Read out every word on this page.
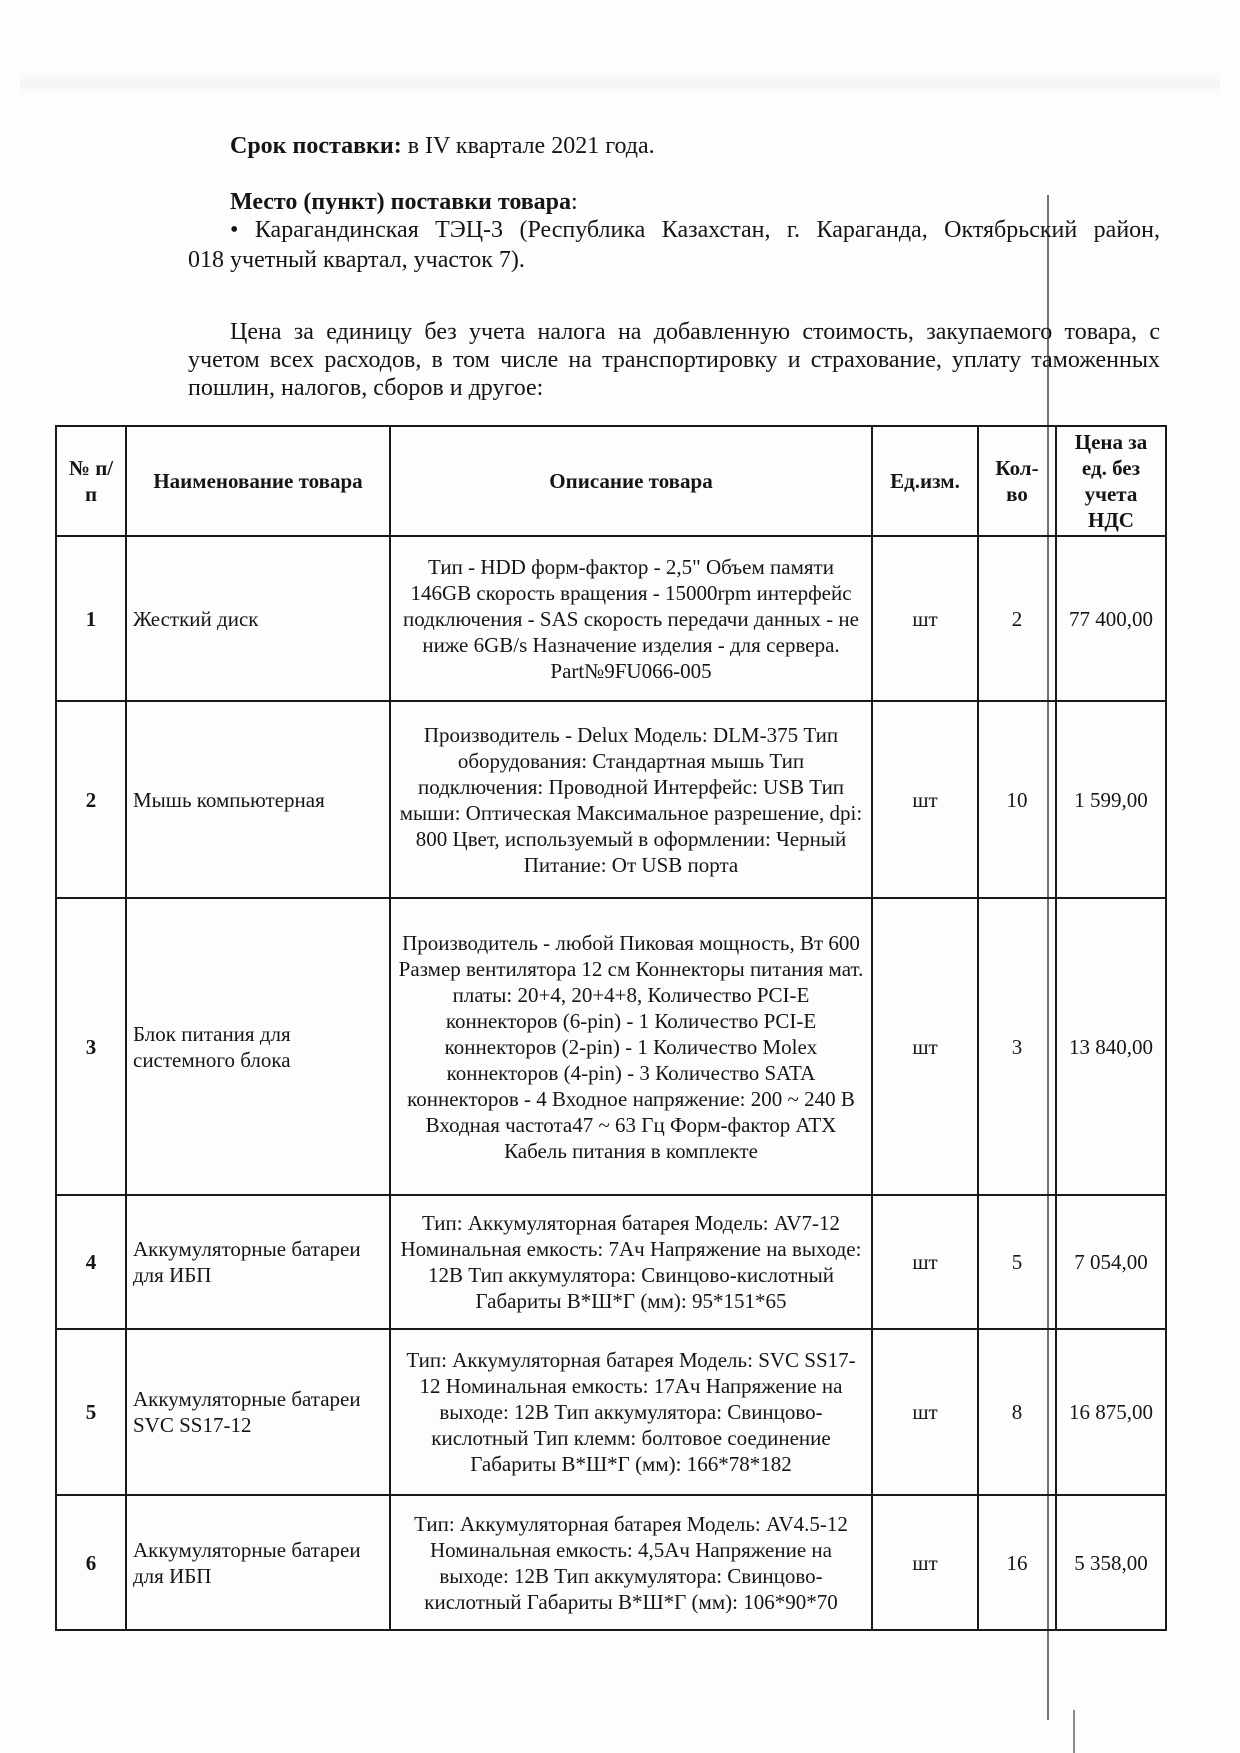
Срок поставки: в IV квартале 2021 года.
Место (пункт) поставки товара:
• Карагандинская ТЭЦ-3 (Республика Казахстан, г. Караганда, Октябрьский район,
018 учетный квартал, участок 7).
Цена за единицу без учета налога на добавленную стоимость, закупаемого товара, с
учетом всех расходов, в том числе на транспортировку и страхование, уплату таможенных
пошлин, налогов, сборов и другое:
№ п/п	Наименование товара	Описание товара	Ед.изм.	Кол-во	Цена за ед. без учета НДС
1	Жесткий диск	Тип - HDD форм-фактор - 2,5" Объем памяти 146GB скорость вращения - 15000rpm интерфейс подключения - SAS скорость передачи данных - не ниже 6GB/s Назначение изделия - для сервера. Part№9FU066-005	шт	2	77 400,00
2	Мышь компьютерная	Производитель - Delux Модель: DLM-375 Тип оборудования: Стандартная мышь Тип подключения: Проводной Интерфейс: USB Тип мыши: Оптическая Максимальное разрешение, dpi: 800 Цвет, используемый в оформлении: Черный Питание: От USB порта	шт	10	1 599,00
3	Блок питания для системного блока	Производитель - любой Пиковая мощность, Вт 600 Размер вентилятора 12 см Коннекторы питания мат. платы: 20+4, 20+4+8, Количество PCI-E коннекторов (6-pin) - 1 Количество PCI-E коннекторов (2-pin) - 1 Количество Molex коннекторов (4-pin) - 3 Количество SATA коннекторов - 4 Входное напряжение: 200 ~ 240 В Входная частота47 ~ 63 Гц Форм-фактор ATX Кабель питания в комплекте	шт	3	13 840,00
4	Аккумуляторные батареи для ИБП	Тип: Аккумуляторная батарея Модель: AV7-12 Номинальная емкость: 7Ач Напряжение на выходе: 12В Тип аккумулятора: Свинцово-кислотный Габариты В*Ш*Г (мм): 95*151*65	шт	5	7 054,00
5	Аккумуляторные батареи SVC SS17-12	Тип: Аккумуляторная батарея Модель: SVC SS17-12 Номинальная емкость: 17Ач Напряжение на выходе: 12В Тип аккумулятора: Свинцово-кислотный Тип клемм: болтовое соединение Габариты В*Ш*Г (мм): 166*78*182	шт	8	16 875,00
6	Аккумуляторные батареи для ИБП	Тип: Аккумуляторная батарея Модель: AV4.5-12 Номинальная емкость: 4,5Ач Напряжение на выходе: 12В Тип аккумулятора: Свинцово-кислотный Габариты В*Ш*Г (мм): 106*90*70	шт	16	5 358,00
